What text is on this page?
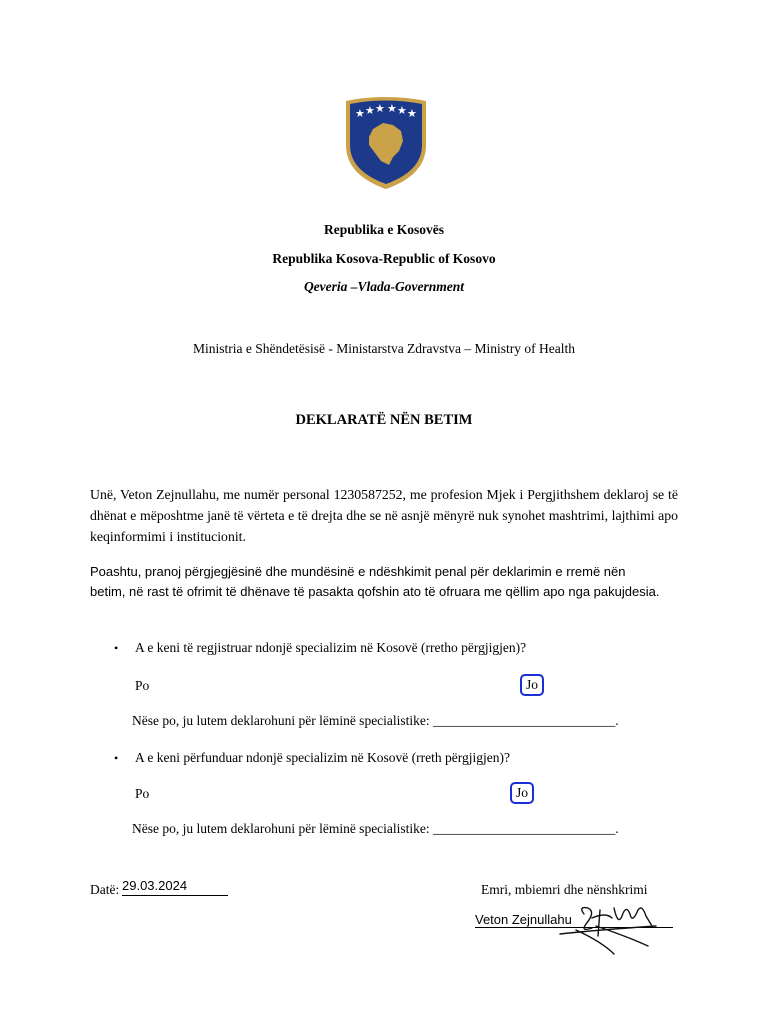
★ ★ ★ ★ ★ ★
Republika e Kosovës
Republika Kosova-Republic of Kosovo
Qeveria –Vlada-Government
Ministria e Shëndetësisë - Ministarstva Zdravstva – Ministry of Health
DEKLARATË NËN BETIM
Unë, Veton Zejnullahu, me numër personal 1230587252, me profesion Mjek i Pergjithshem deklaroj se të dhënat e mëposhtme janë të vërteta e të drejta dhe se në asnjë mënyrë nuk synohet mashtrimi, lajthimi apo keqinformimi i institucionit.
Poashtu, pranoj përgjegjësinë dhe mundësinë e ndëshkimit penal për deklarimin e rremë nën betim, në rast të ofrimit të dhënave të pasakta qofshin ato të ofruara me qëllim apo nga pakujdesia.
• A e keni të regjistruar ndonjë specializim në Kosovë (rretho përgjigjen)?
Po	Jo
Nëse po, ju lutem deklarohuni për lëminë specialistike: ___________________________.
• A e keni përfunduar ndonjë specializim në Kosovë (rreth përgjigjen)?
Po	Jo
Nëse po, ju lutem deklarohuni për lëminë specialistike: ___________________________.
Datë: 29.03.2024	Emri, mbiemri dhe nënshkrimi
Veton Zejnullahu
